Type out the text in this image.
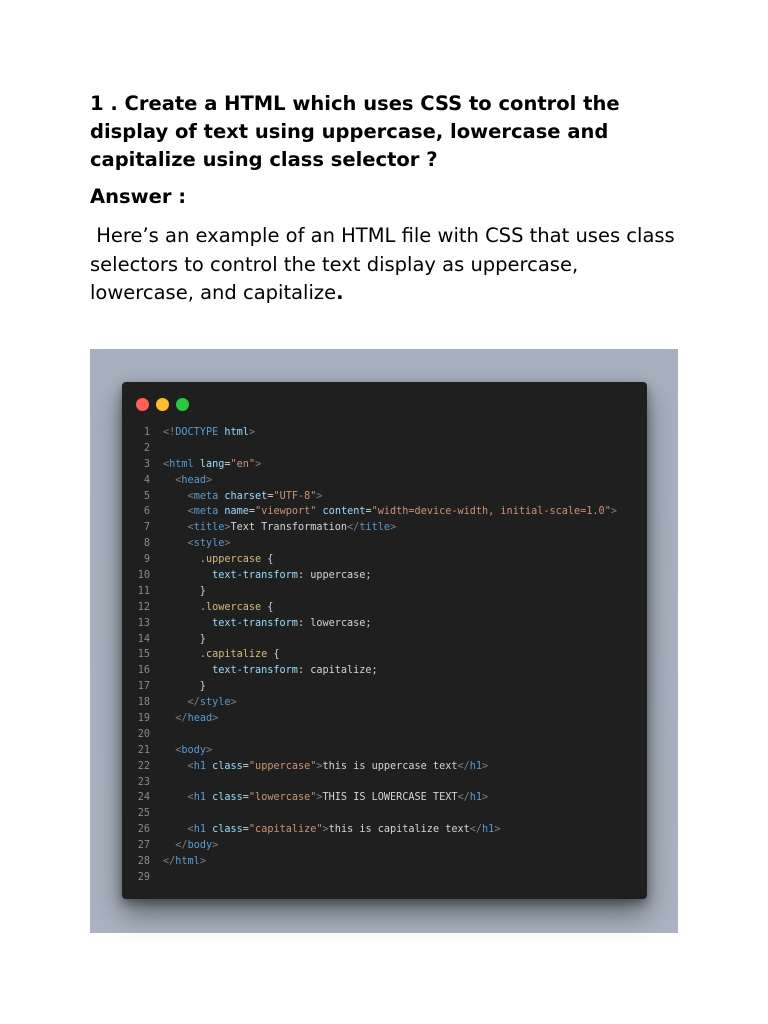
1 . Create a HTML which uses CSS to control the display of text using uppercase, lowercase and capitalize using class selector ?
Answer :

Here’s an example of an HTML file with CSS that uses class selectors to control the text display as uppercase, lowercase, and capitalize.

1	<!DOCTYPE html>
2
3	<html lang="en">
4	<head>
5	<meta charset="UTF-8">
6	<meta name="viewport" content="width=device-width, initial-scale=1.0">
7	<title>Text Transformation</title>
8	<style>
9	.uppercase {
10	text-transform: uppercase;
11	}
12	.lowercase {
13	text-transform: lowercase;
14	}
15	.capitalize {
16	text-transform: capitalize;
17	}
18	</style>
19	</head>
20
21	<body>
22	<h1 class="uppercase">this is uppercase text</h1>
23
24	<h1 class="lowercase">THIS IS LOWERCASE TEXT</h1>
25
26	<h1 class="capitalize">this is capitalize text</h1>
27	</body>
28	</html>
29
